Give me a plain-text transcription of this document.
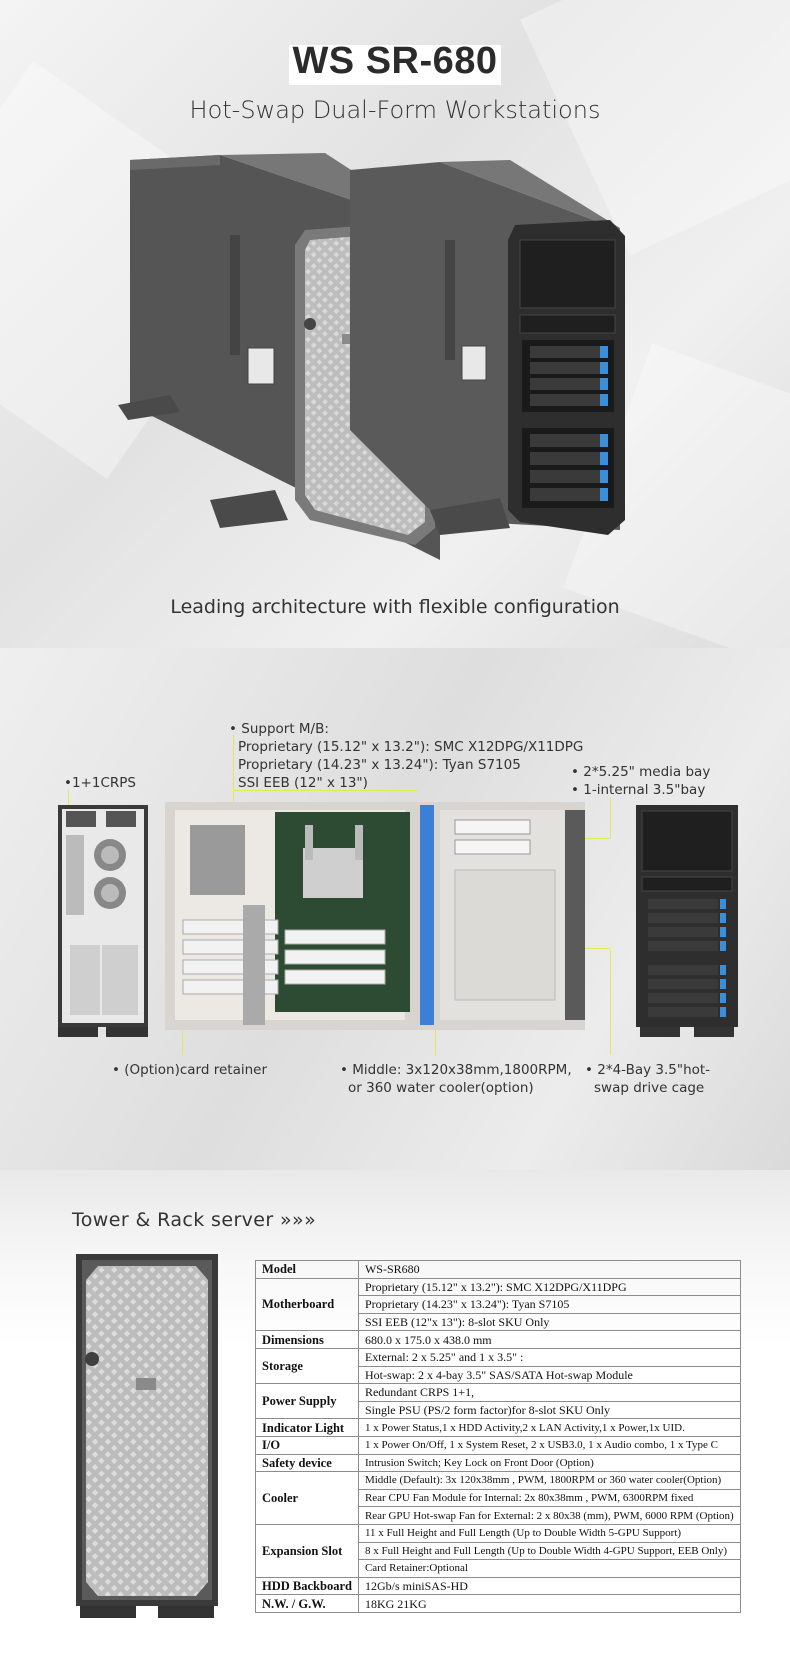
WS SR-680
Hot-Swap Dual-Form Workstations
Leading architecture with flexible configuration
• Support M/B:
Proprietary (15.12" x 13.2"): SMC X12DPG/X11DPG
Proprietary (14.23" x 13.24"): Tyan S7105
SSI EEB (12" x 13")
•1+1CRPS
• 2*5.25" media bay
• 1-internal 3.5"bay
• (Option)card retainer	• Middle: 3x120x38mm,1800RPM,
or 360 water cooler(option)
• 2*4-Bay 3.5"hot-
swap drive cage
Tower & Rack server »»»
Model	WS-SR680
Motherboard	Proprietary (15.12" x 13.2"): SMC X12DPG/X11DPG
	Proprietary (14.23" x 13.24"): Tyan S7105
	SSI EEB (12"x 13"): 8-slot SKU Only
Dimensions	680.0 x 175.0 x 438.0 mm
Storage	External: 2 x 5.25" and 1 x 3.5" :
	Hot-swap: 2 x 4-bay 3.5" SAS/SATA Hot-swap Module
Power Supply	Redundant CRPS 1+1,
	Single PSU (PS/2 form factor)for 8-slot SKU Only
Indicator Light	1 x Power Status,1 x HDD Activity,2 x LAN Activity,1 x Power,1x UID.
I/O	1 x Power On/Off, 1 x System Reset, 2 x USB3.0, 1 x Audio combo, 1 x Type C
Safety device	Intrusion Switch; Key Lock on Front Door (Option)
Cooler	Middle (Default): 3x 120x38mm , PWM, 1800RPM or 360 water cooler(Option)
	Rear CPU Fan Module for Internal: 2x 80x38mm , PWM, 6300RPM fixed
	Rear GPU Hot-swap Fan for External: 2 x 80x38 (mm), PWM, 6000 RPM (Option)
Expansion Slot	11 x Full Height and Full Length (Up to Double Width 5-GPU Support)
	8 x Full Height and Full Length (Up to Double Width 4-GPU Support, EEB Only)
	Card Retainer:Optional
HDD Backboard	12Gb/s miniSAS-HD
N.W. / G.W.	18KG 21KG
